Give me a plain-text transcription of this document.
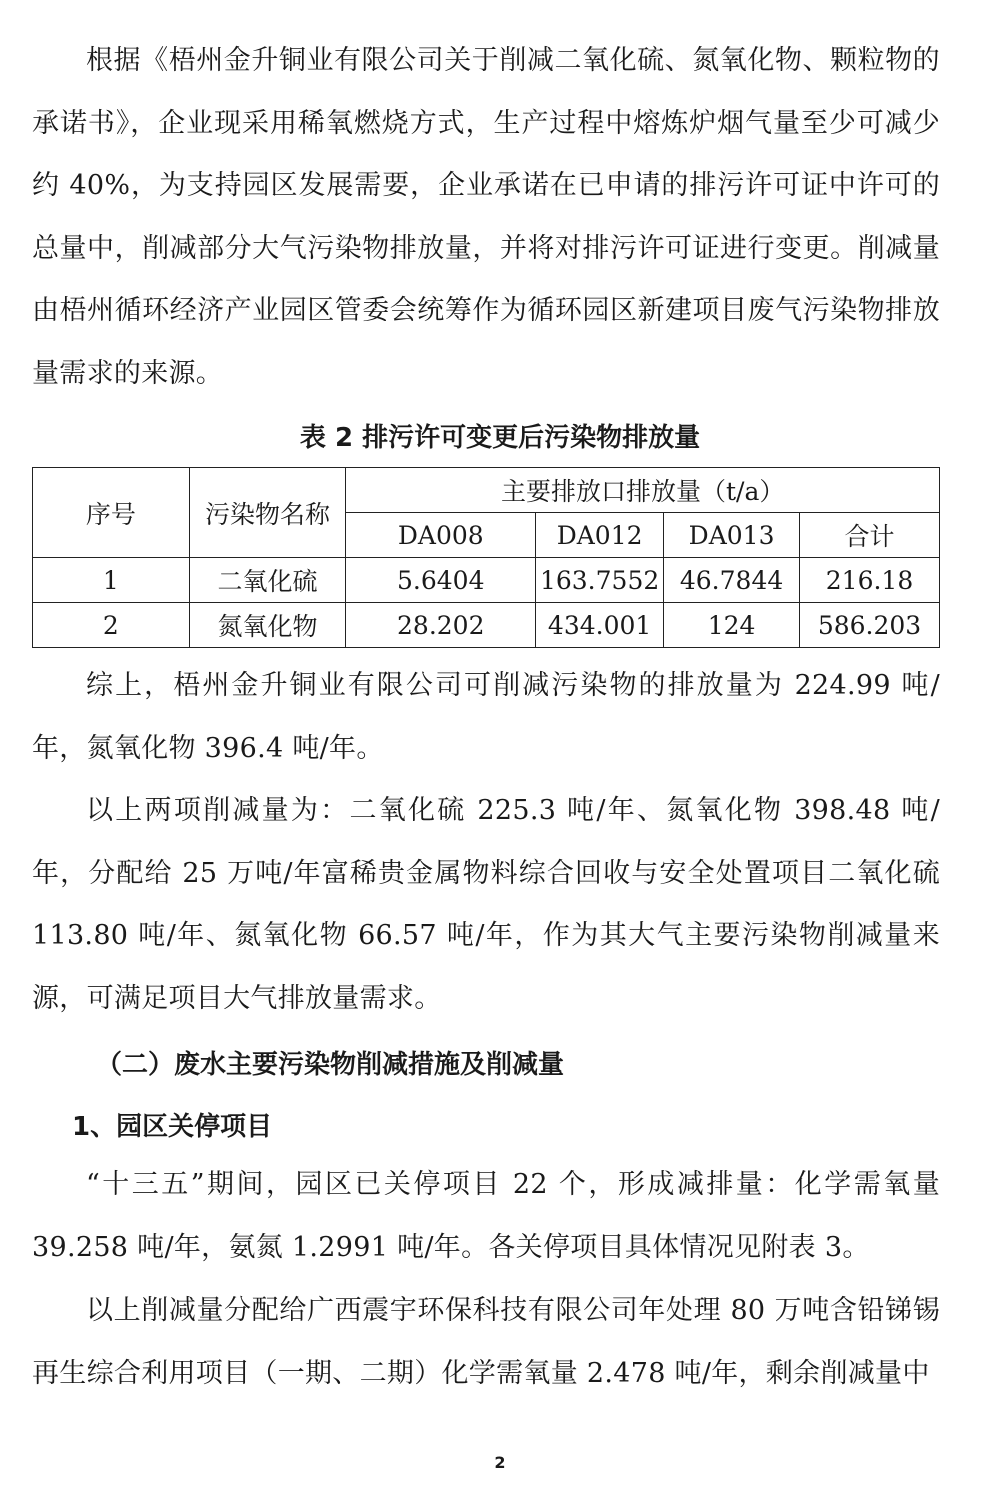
根据《梧州金升铜业有限公司关于削减二氧化硫、氮氧化物、颗粒物的承诺书》，企业现采用稀氧燃烧方式，生产过程中熔炼炉烟气量至少可减少约 40%，为支持园区发展需要，企业承诺在已申请的排污许可证中许可的总量中，削减部分大气污染物排放量，并将对排污许可证进行变更。削减量由梧州循环经济产业园区管委会统筹作为循环园区新建项目废气污染物排放量需求的来源。

表 2 排污许可变更后污染物排放量
序号	污染物名称	主要排放口排放量（t/a）			
		DA008	DA012	DA013	合计
1	二氧化硫	5.6404	163.7552	46.7844	216.18
2	氮氧化物	28.202	434.001	124	586.203

综上，梧州金升铜业有限公司可削减污染物的排放量为 224.99 吨/年，氮氧化物 396.4 吨/年。

以上两项削减量为：二氧化硫 225.3 吨/年、氮氧化物 398.48 吨/年，分配给 25 万吨/年富稀贵金属物料综合回收与安全处置项目二氧化硫 113.80 吨/年、氮氧化物 66.57 吨/年，作为其大气主要污染物削减量来源，可满足项目大气排放量需求。

（二）废水主要污染物削减措施及削减量
1、园区关停项目

“十三五”期间，园区已关停项目 22 个，形成减排量：化学需氧量 39.258 吨/年，氨氮 1.2991 吨/年。各关停项目具体情况见附表 3。

以上削减量分配给广西震宇环保科技有限公司年处理 80 万吨含铅锑锡再生综合利用项目（一期、二期）化学需氧量 2.478 吨/年，剩余削减量中

2
